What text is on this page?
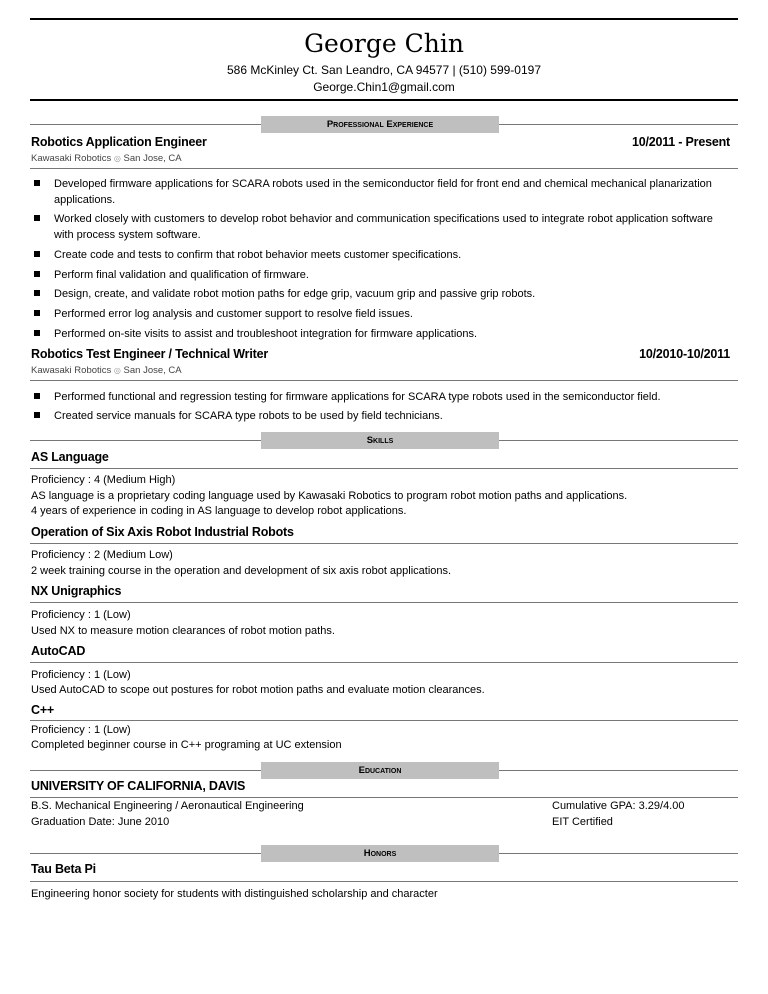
George Chin
586 McKinley Ct. San Leandro, CA 94577 | (510) 599-0197
George.Chin1@gmail.com
Professional Experience
Robotics Application Engineer	10/2011 - Present
Kawasaki Robotics ◎ San Jose, CA
Developed firmware applications for SCARA robots used in the semiconductor field for front end and chemical mechanical planarization applications.
Worked closely with customers to develop robot behavior and communication specifications used to integrate robot application software with process system software.
Create code and tests to confirm that robot behavior meets customer specifications.
Perform final validation and qualification of firmware.
Design, create, and validate robot motion paths for edge grip, vacuum grip and passive grip robots.
Performed error log analysis and customer support to resolve field issues.
Performed on-site visits to assist and troubleshoot integration for firmware applications.
Robotics Test Engineer / Technical Writer	10/2010-10/2011
Kawasaki Robotics ◎ San Jose, CA
Performed functional and regression testing for firmware applications for SCARA type robots used in the semiconductor field.
Created service manuals for SCARA type robots to be used by field technicians.
Skills
AS Language
Proficiency : 4 (Medium High)
AS language is a proprietary coding language used by Kawasaki Robotics to program robot motion paths and applications.
4 years of experience in coding in AS language to develop robot applications.
Operation of Six Axis Robot Industrial Robots
Proficiency : 2 (Medium Low)
2 week training course in the operation and development of six axis robot applications.
NX Unigraphics
Proficiency : 1 (Low)
Used NX to measure motion clearances of robot motion paths.
AutoCAD
Proficiency : 1 (Low)
Used AutoCAD to scope out postures for robot motion paths and evaluate motion clearances.
C++
Proficiency : 1 (Low)
Completed beginner course in C++ programing at UC extension
Education
UNIVERSITY OF CALIFORNIA, DAVIS
B.S. Mechanical Engineering / Aeronautical Engineering
Graduation Date: June 2010
Cumulative GPA: 3.29/4.00
EIT Certified
Honors
Tau Beta Pi
Engineering honor society for students with distinguished scholarship and character
